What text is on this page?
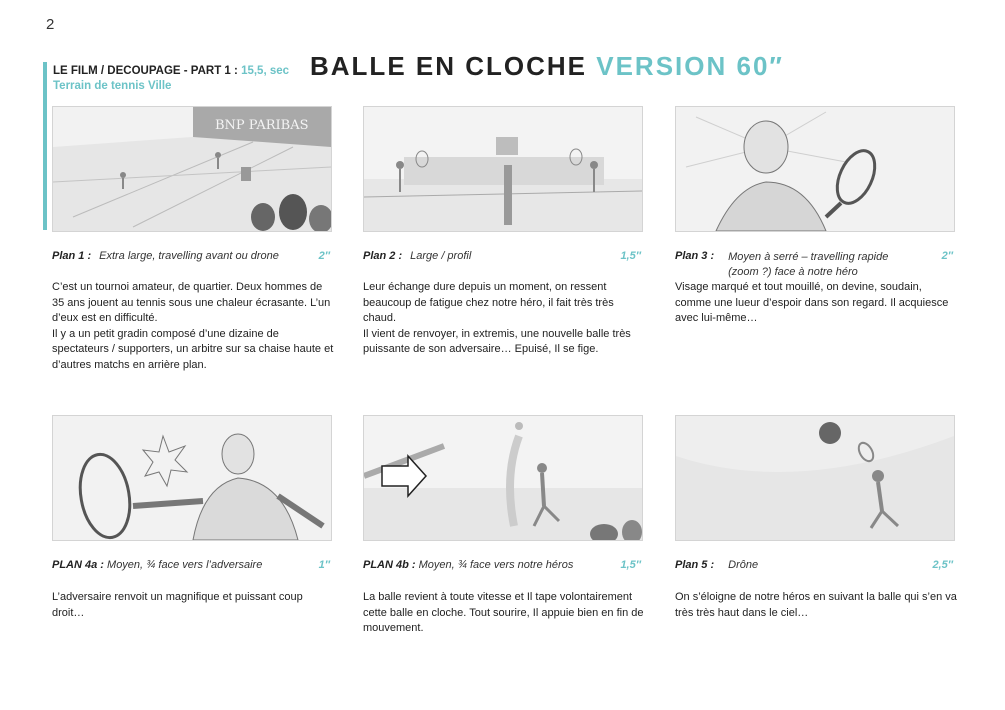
2
LE FILM / DECOUPAGE - PART 1 : 15,5, sec
Terrain de tennis Ville
BALLE EN CLOCHE VERSION 60″
BNP PARIBAS
Plan 1 : Extra large, travelling avant ou drone	2″	Plan 2 : Large / profil	1,5″	Plan 3 : Moyen à serré – travelling rapide (zoom ?) face à notre héro
2″

C’est un tournoi amateur, de quartier. Deux hommes de 35 ans jouent au tennis sous une chaleur écrasante. L’un d’eux est en difficulté.

Il y a un petit gradin composé d’une dizaine de spectateurs / supporters, un arbitre sur sa chaise haute et d’autres matchs en arrière plan.

Leur échange dure depuis un moment, on ressent beaucoup de fatigue chez notre héro, il fait très très chaud.

Il vient de renvoyer, in extremis, une nouvelle balle très puissante de son adversaire… Epuisé, Il se fige.

Visage marqué et tout mouillé, on devine, soudain, comme une lueur d’espoir dans son regard. Il acquiesce avec lui-même…

PLAN 4a : Moyen, ¾ face vers l’adversaire	1″	PLAN 4b : Moyen, ¾ face vers notre héros	1,5″	Plan 5 : Drône	2,5″

L’adversaire renvoit un magnifique et puissant coup droit…

La balle revient à toute vitesse et Il tape volontairement cette balle en cloche. Tout sourire, Il appuie bien en fin de mouvement.

On s’éloigne de notre héros en suivant la balle qui s’en va très très haut dans le ciel…
